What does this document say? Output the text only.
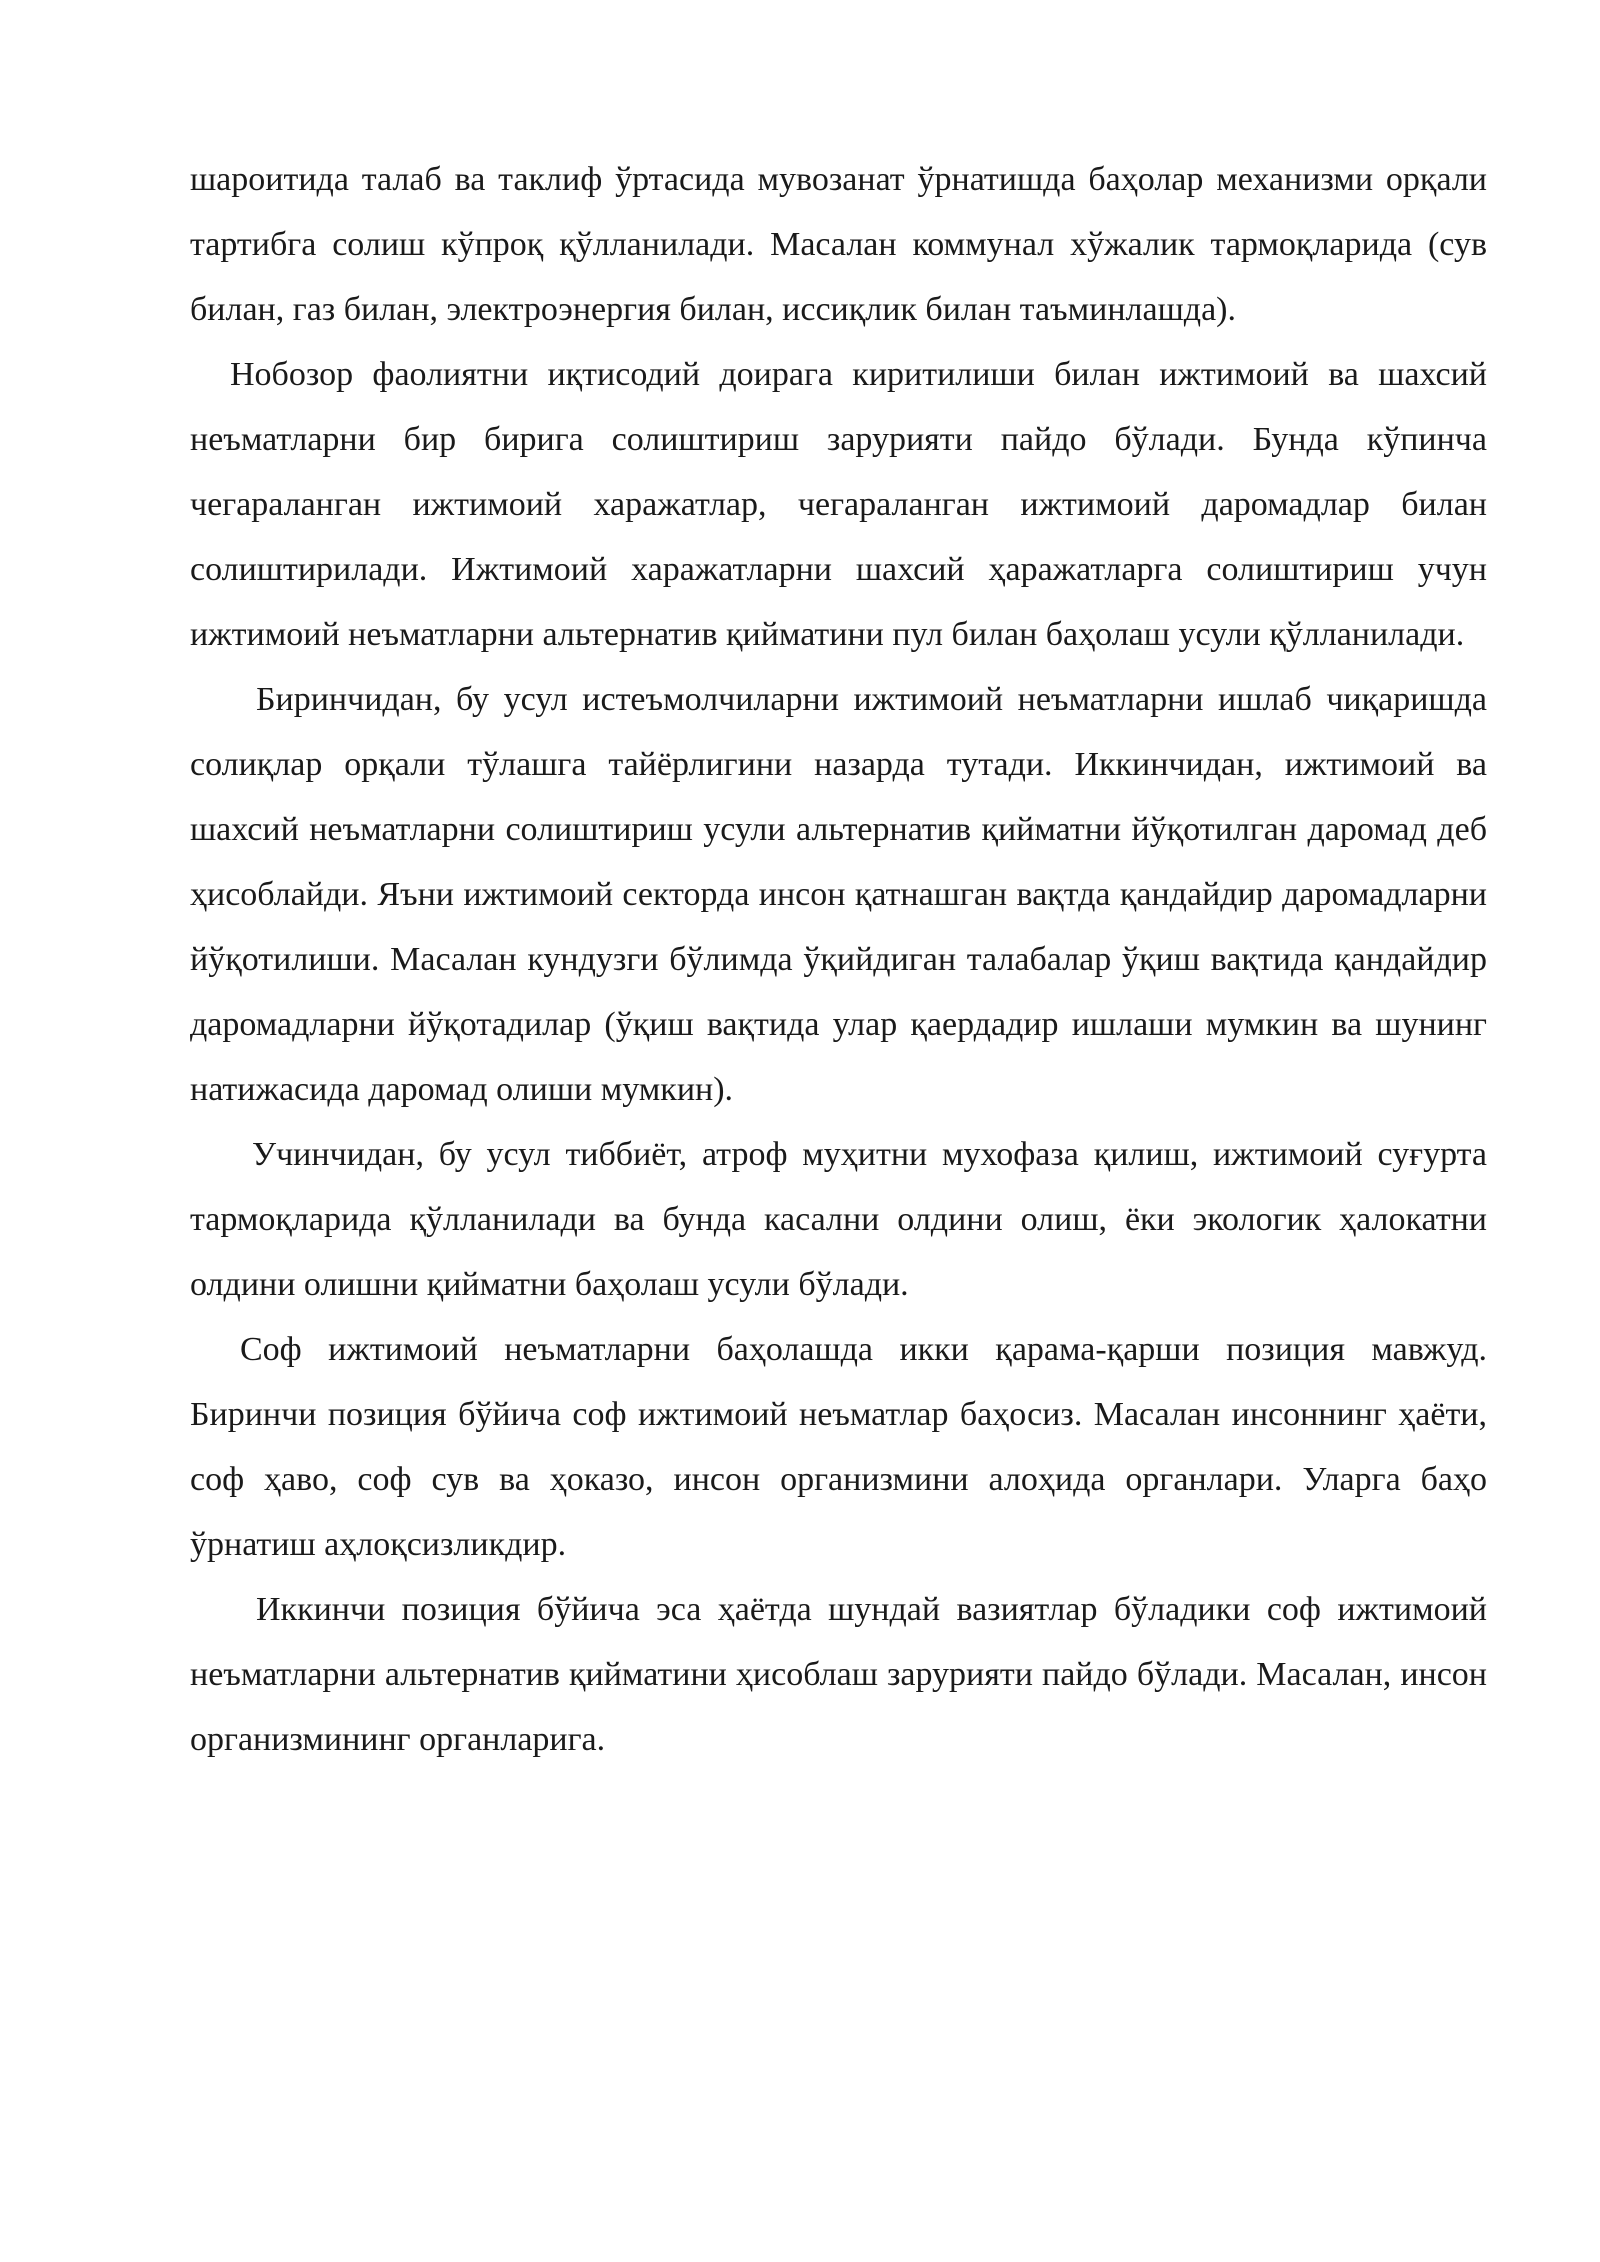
шароитида талаб ва таклиф ўртасида мувозанат ўрнатишда баҳолар механизми орқали тартибга солиш кўпроқ қўлланилади. Масалан коммунал хўжалик тармоқларида (сув билан, газ билан, электроэнергия билан, иссиқлик билан таъминлашда).

Нобозор фаолиятни иқтисодий доирага киритилиши билан ижтимоий ва шахсий неъматларни бир бирига солиштириш зарурияти пайдо бўлади. Бунда кўпинча чегараланган ижтимоий харажатлар, чегараланган ижтимоий даромадлар билан солиштирилади. Ижтимоий харажатларни шахсий ҳаражатларга солиштириш учун ижтимоий неъматларни альтернатив қийматини пул билан баҳолаш усули қўлланилади.

Биринчидан, бу усул истеъмолчиларни ижтимоий неъматларни ишлаб чиқаришда солиқлар орқали тўлашга тайёрлигини назарда тутади. Иккинчидан, ижтимоий ва шахсий неъматларни солиштириш усули альтернатив қийматни йўқотилган даромад деб ҳисоблайди. Яъни ижтимоий секторда инсон қатнашган вақтда қандайдир даромадларни йўқотилиши. Масалан кундузги бўлимда ўқийдиган талабалар ўқиш вақтида қандайдир даромадларни йўқотадилар (ўқиш вақтида улар қаердадир ишлаши мумкин ва шунинг натижасида даромад олиши мумкин).

Учинчидан, бу усул тиббиёт, атроф муҳитни мухофаза қилиш, ижтимоий суғурта тармоқларида қўлланилади ва бунда касални олдини олиш, ёки экологик ҳалокатни олдини олишни қийматни баҳолаш усули бўлади.

Соф ижтимоий неъматларни баҳолашда икки қарама-қарши позиция мавжуд. Биринчи позиция бўйича соф ижтимоий неъматлар баҳосиз. Масалан инсоннинг ҳаёти, соф ҳаво, соф сув ва ҳоказо, инсон организмини алоҳида органлари. Уларга баҳо ўрнатиш аҳлоқсизликдир.

Иккинчи позиция бўйича эса ҳаётда шундай вазиятлар бўладики соф ижтимоий неъматларни альтернатив қийматини ҳисоблаш зарурияти пайдо бўлади. Масалан, инсон организмининг органларига.
